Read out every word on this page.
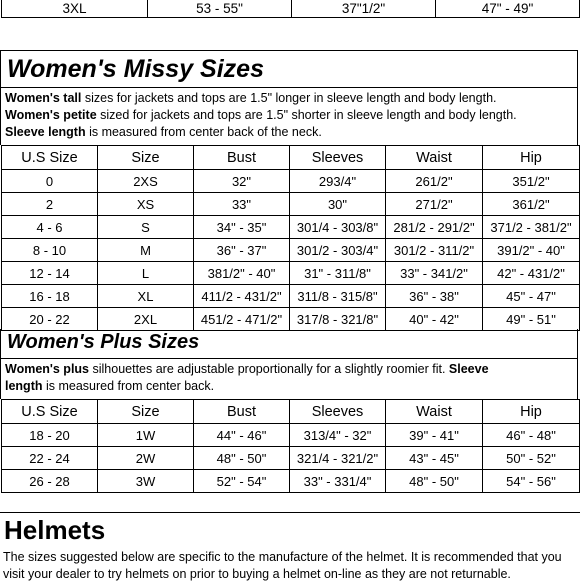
3XL	53 - 55"	37"1/2"	47" - 49"
Women's Missy Sizes
Women's tall sizes for jackets and tops are 1.5" longer in sleeve length and body length.
Women's petite sized for jackets and tops are 1.5" shorter in sleeve length and body length.
Sleeve length is measured from center back of the neck.
U.S Size	Size	Bust	Sleeves	Waist	Hip
0	2XS	32"	293/4"	261/2"	351/2"
2	XS	33"	30"	271/2"	361/2"
4 - 6	S	34" - 35"	301/4 - 303/8"	281/2 - 291/2"	371/2 - 381/2"
8 - 10	M	36" - 37"	301/2 - 303/4"	301/2 - 311/2"	391/2" - 40"
12 - 14	L	381/2" - 40"	31" - 311/8"	33" - 341/2"	42" - 431/2"
16 - 18	XL	411/2 - 431/2"	311/8 - 315/8"	36" - 38"	45" - 47"
20 - 22	2XL	451/2 - 471/2"	317/8 - 321/8"	40" - 42"	49" - 51"
Women's Plus Sizes
Women's plus silhouettes are adjustable proportionally for a slightly roomier fit. Sleeve
length is measured from center back.
U.S Size	Size	Bust	Sleeves	Waist	Hip
18 - 20	1W	44" - 46"	313/4" - 32"	39" - 41"	46" - 48"
22 - 24	2W	48" - 50"	321/4 - 321/2"	43" - 45"	50" - 52"
26 - 28	3W	52" - 54"	33" - 331/4"	48" - 50"	54" - 56"
Helmets
The sizes suggested below are specific to the manufacture of the helmet. It is recommended that you
visit your dealer to try helmets on prior to buying a helmet on-line as they are not returnable.
